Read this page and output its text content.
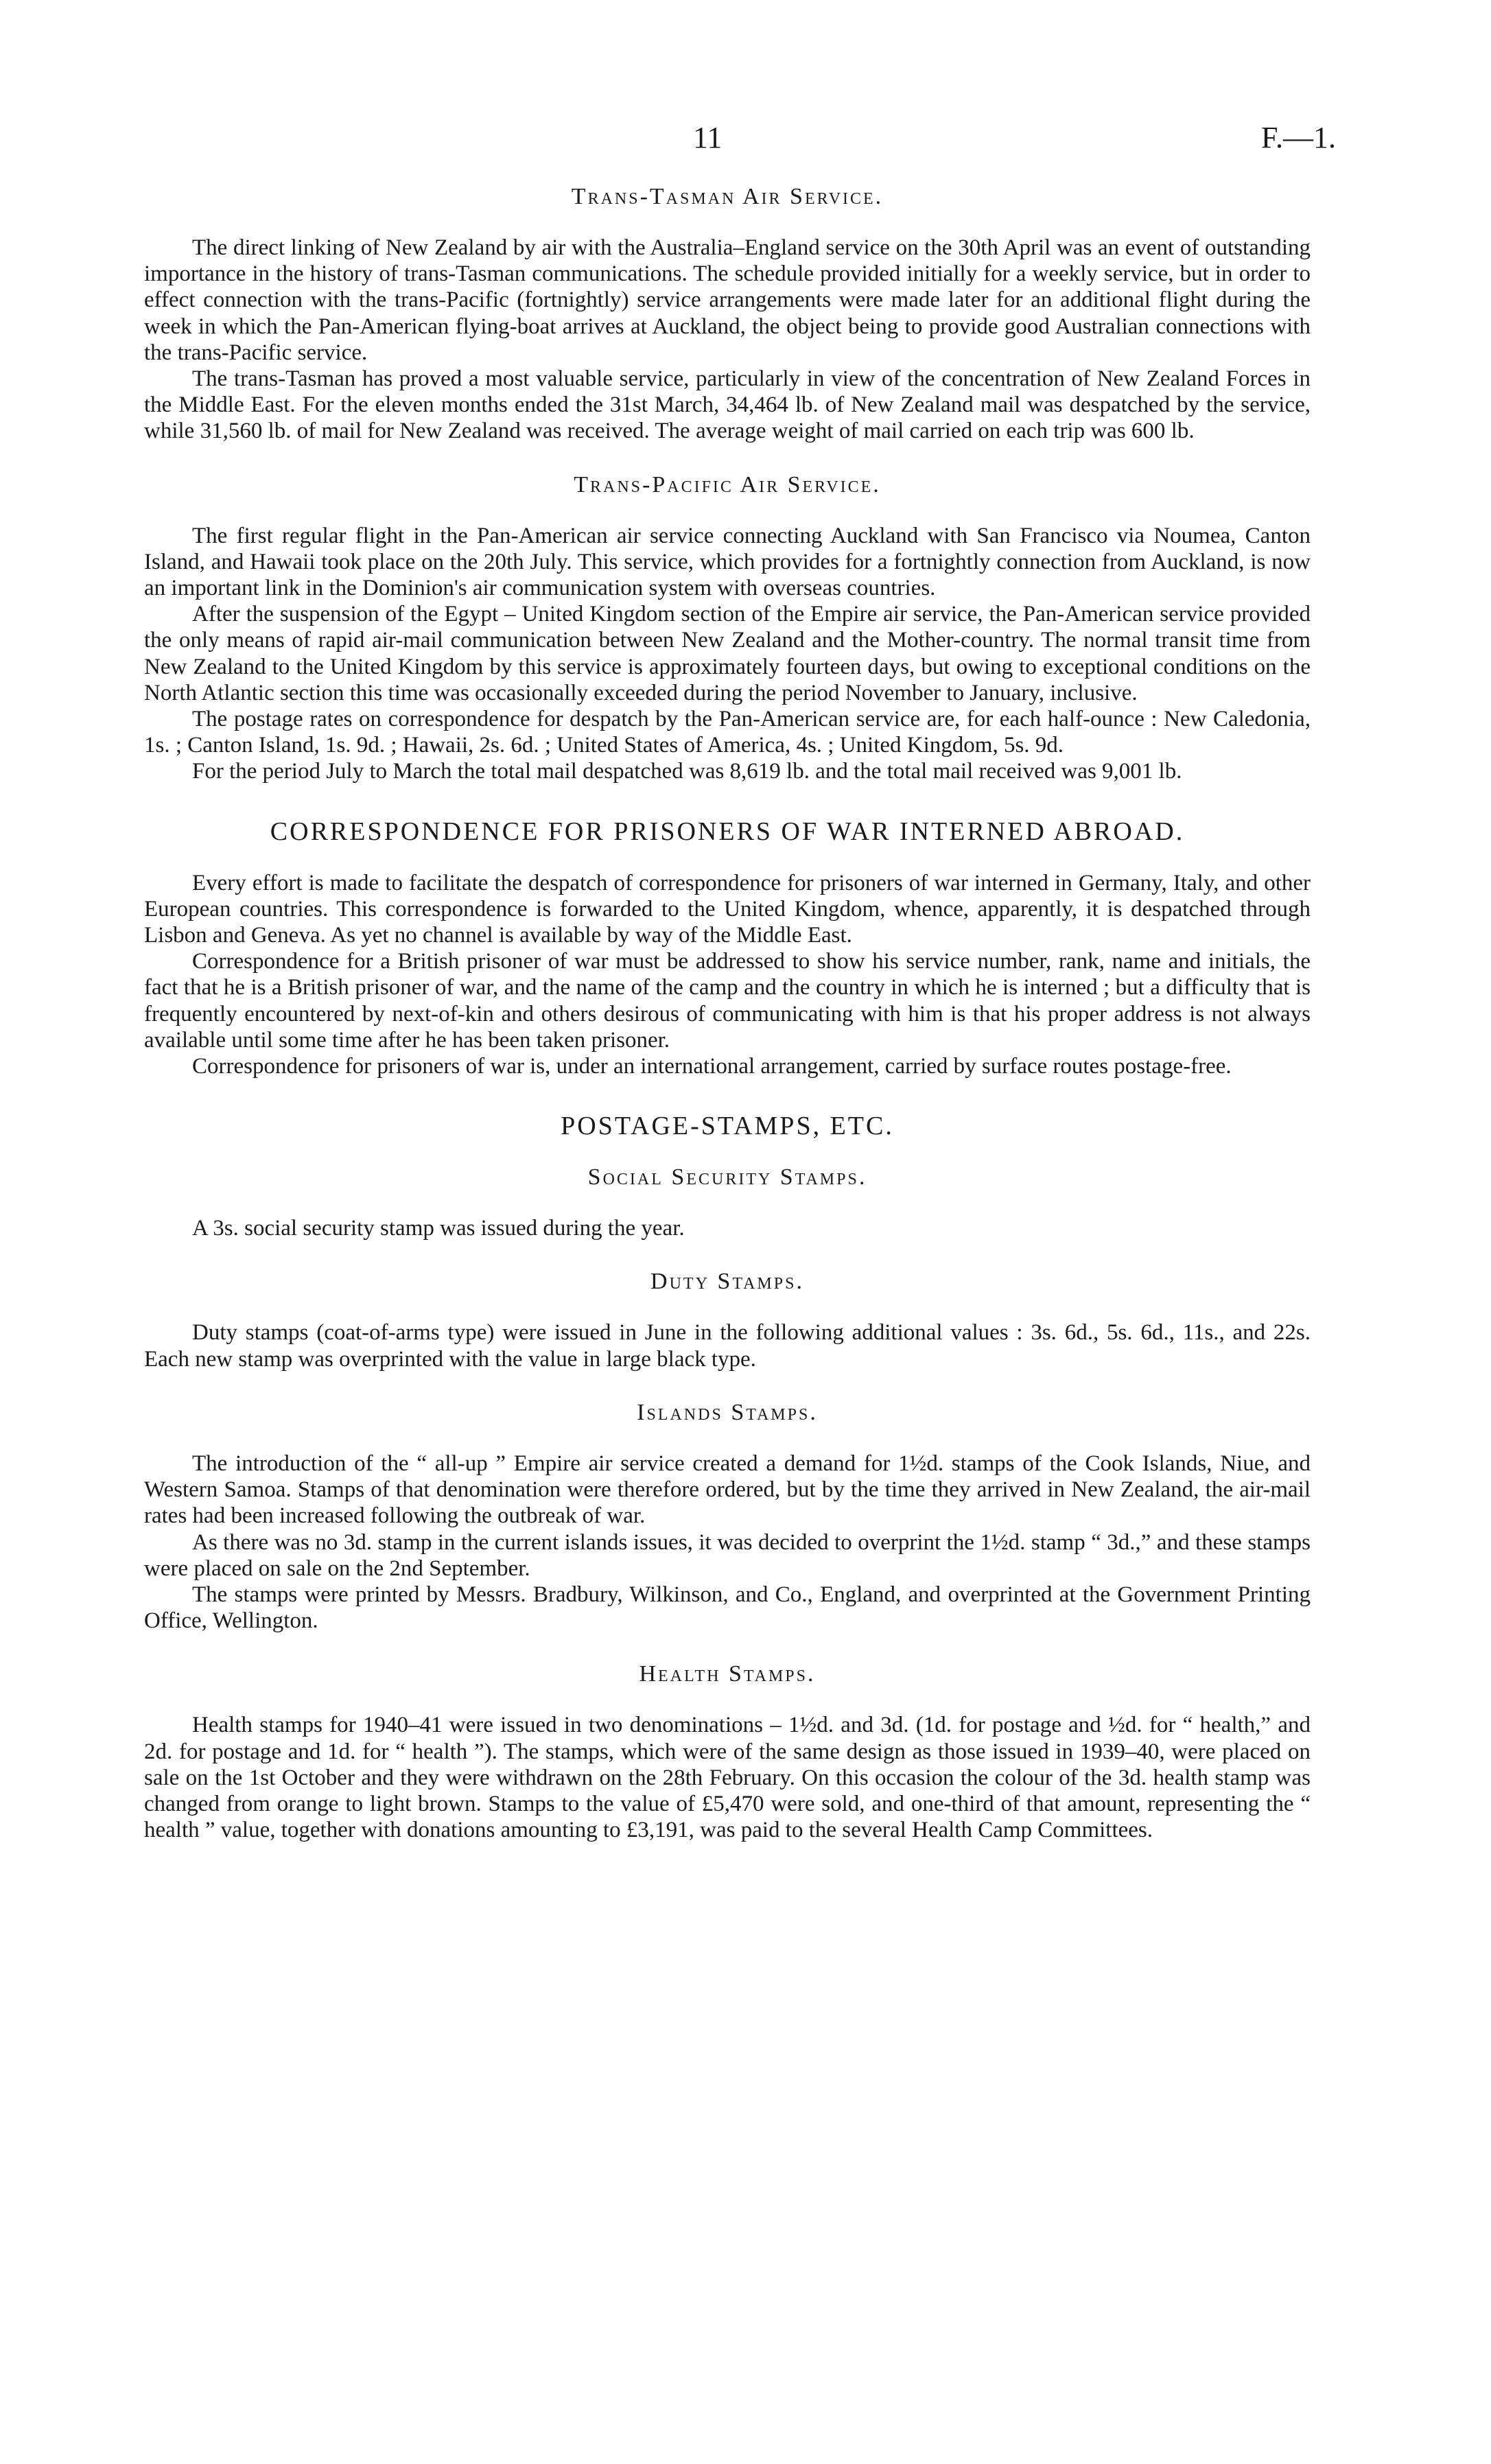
11	F.—1.
Trans-Tasman Air Service.

The direct linking of New Zealand by air with the Australia–England service on the 30th April was an event of outstanding importance in the history of trans-Tasman communications. The schedule provided initially for a weekly service, but in order to effect connection with the trans-Pacific (fortnightly) service arrangements were made later for an additional flight during the week in which the Pan-American flying-boat arrives at Auckland, the object being to provide good Australian connections with the trans-Pacific service.

The trans-Tasman has proved a most valuable service, particularly in view of the concentration of New Zealand Forces in the Middle East. For the eleven months ended the 31st March, 34,464 lb. of New Zealand mail was despatched by the service, while 31,560 lb. of mail for New Zealand was received. The average weight of mail carried on each trip was 600 lb.

Trans-Pacific Air Service.

The first regular flight in the Pan-American air service connecting Auckland with San Francisco via Noumea, Canton Island, and Hawaii took place on the 20th July. This service, which provides for a fortnightly connection from Auckland, is now an important link in the Dominion's air communication system with overseas countries.

After the suspension of the Egypt – United Kingdom section of the Empire air service, the Pan-American service provided the only means of rapid air-mail communication between New Zealand and the Mother-country. The normal transit time from New Zealand to the United Kingdom by this service is approximately fourteen days, but owing to exceptional conditions on the North Atlantic section this time was occasionally exceeded during the period November to January, inclusive.

The postage rates on correspondence for despatch by the Pan-American service are, for each half-ounce : New Caledonia, 1s. ; Canton Island, 1s. 9d. ; Hawaii, 2s. 6d. ; United States of America, 4s. ; United Kingdom, 5s. 9d.

For the period July to March the total mail despatched was 8,619 lb. and the total mail received was 9,001 lb.

CORRESPONDENCE FOR PRISONERS OF WAR INTERNED ABROAD.

Every effort is made to facilitate the despatch of correspondence for prisoners of war interned in Germany, Italy, and other European countries. This correspondence is forwarded to the United Kingdom, whence, apparently, it is despatched through Lisbon and Geneva. As yet no channel is available by way of the Middle East.

Correspondence for a British prisoner of war must be addressed to show his service number, rank, name and initials, the fact that he is a British prisoner of war, and the name of the camp and the country in which he is interned ; but a difficulty that is frequently encountered by next-of-kin and others desirous of communicating with him is that his proper address is not always available until some time after he has been taken prisoner.

Correspondence for prisoners of war is, under an international arrangement, carried by surface routes postage-free.

POSTAGE-STAMPS, ETC.
Social Security Stamps.

A 3s. social security stamp was issued during the year.

Duty Stamps.

Duty stamps (coat-of-arms type) were issued in June in the following additional values : 3s. 6d., 5s. 6d., 11s., and 22s. Each new stamp was overprinted with the value in large black type.

Islands Stamps.

The introduction of the “ all-up ” Empire air service created a demand for 1½d. stamps of the Cook Islands, Niue, and Western Samoa. Stamps of that denomination were therefore ordered, but by the time they arrived in New Zealand, the air-mail rates had been increased following the outbreak of war.

As there was no 3d. stamp in the current islands issues, it was decided to overprint the 1½d. stamp “ 3d.,” and these stamps were placed on sale on the 2nd September.

The stamps were printed by Messrs. Bradbury, Wilkinson, and Co., England, and overprinted at the Government Printing Office, Wellington.

Health Stamps.

Health stamps for 1940–41 were issued in two denominations – 1½d. and 3d. (1d. for postage and ½d. for “ health,” and 2d. for postage and 1d. for “ health ”). The stamps, which were of the same design as those issued in 1939–40, were placed on sale on the 1st October and they were withdrawn on the 28th February. On this occasion the colour of the 3d. health stamp was changed from orange to light brown. Stamps to the value of £5,470 were sold, and one-third of that amount, representing the “ health ” value, together with donations amounting to £3,191, was paid to the several Health Camp Committees.
